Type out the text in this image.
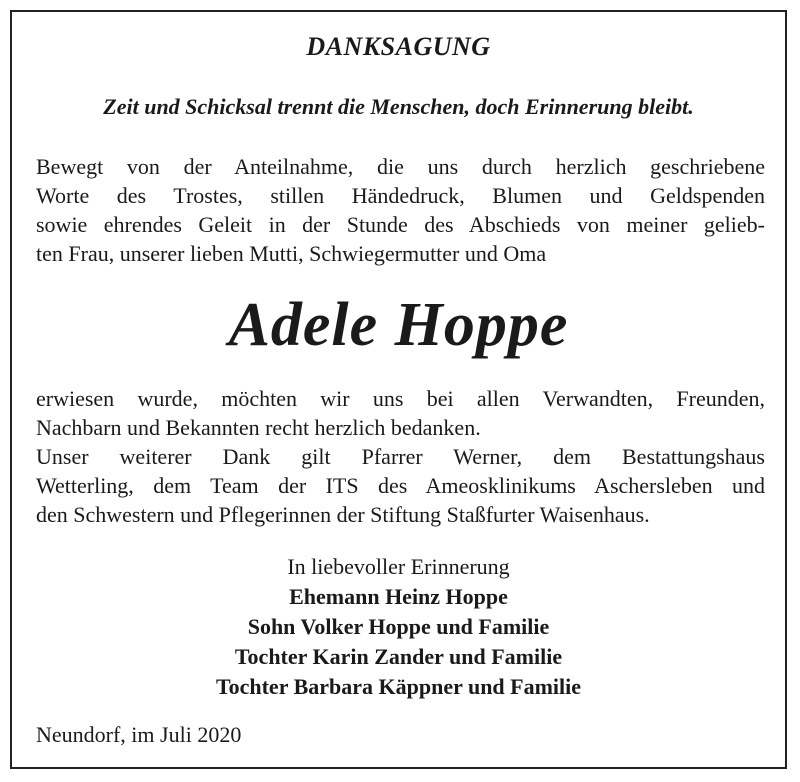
DANKSAGUNG
Zeit und Schicksal trennt die Menschen, doch Erinnerung bleibt.
Bewegt von der Anteilnahme, die uns durch herzlich geschriebene
Worte des Trostes, stillen Händedruck, Blumen und Geldspenden
sowie ehrendes Geleit in der Stunde des Abschieds von meiner gelieb-
ten Frau, unserer lieben Mutti, Schwiegermutter und Oma
Adele Hoppe
erwiesen wurde, möchten wir uns bei allen Verwandten, Freunden,
Nachbarn und Bekannten recht herzlich bedanken.
Unser weiterer Dank gilt Pfarrer Werner, dem Bestattungshaus
Wetterling, dem Team der ITS des Ameosklinikums Aschersleben und
den Schwestern und Pflegerinnen der Stiftung Staßfurter Waisenhaus.
In liebevoller Erinnerung
Ehemann Heinz Hoppe
Sohn Volker Hoppe und Familie
Tochter Karin Zander und Familie
Tochter Barbara Käppner und Familie
Neundorf, im Juli 2020
